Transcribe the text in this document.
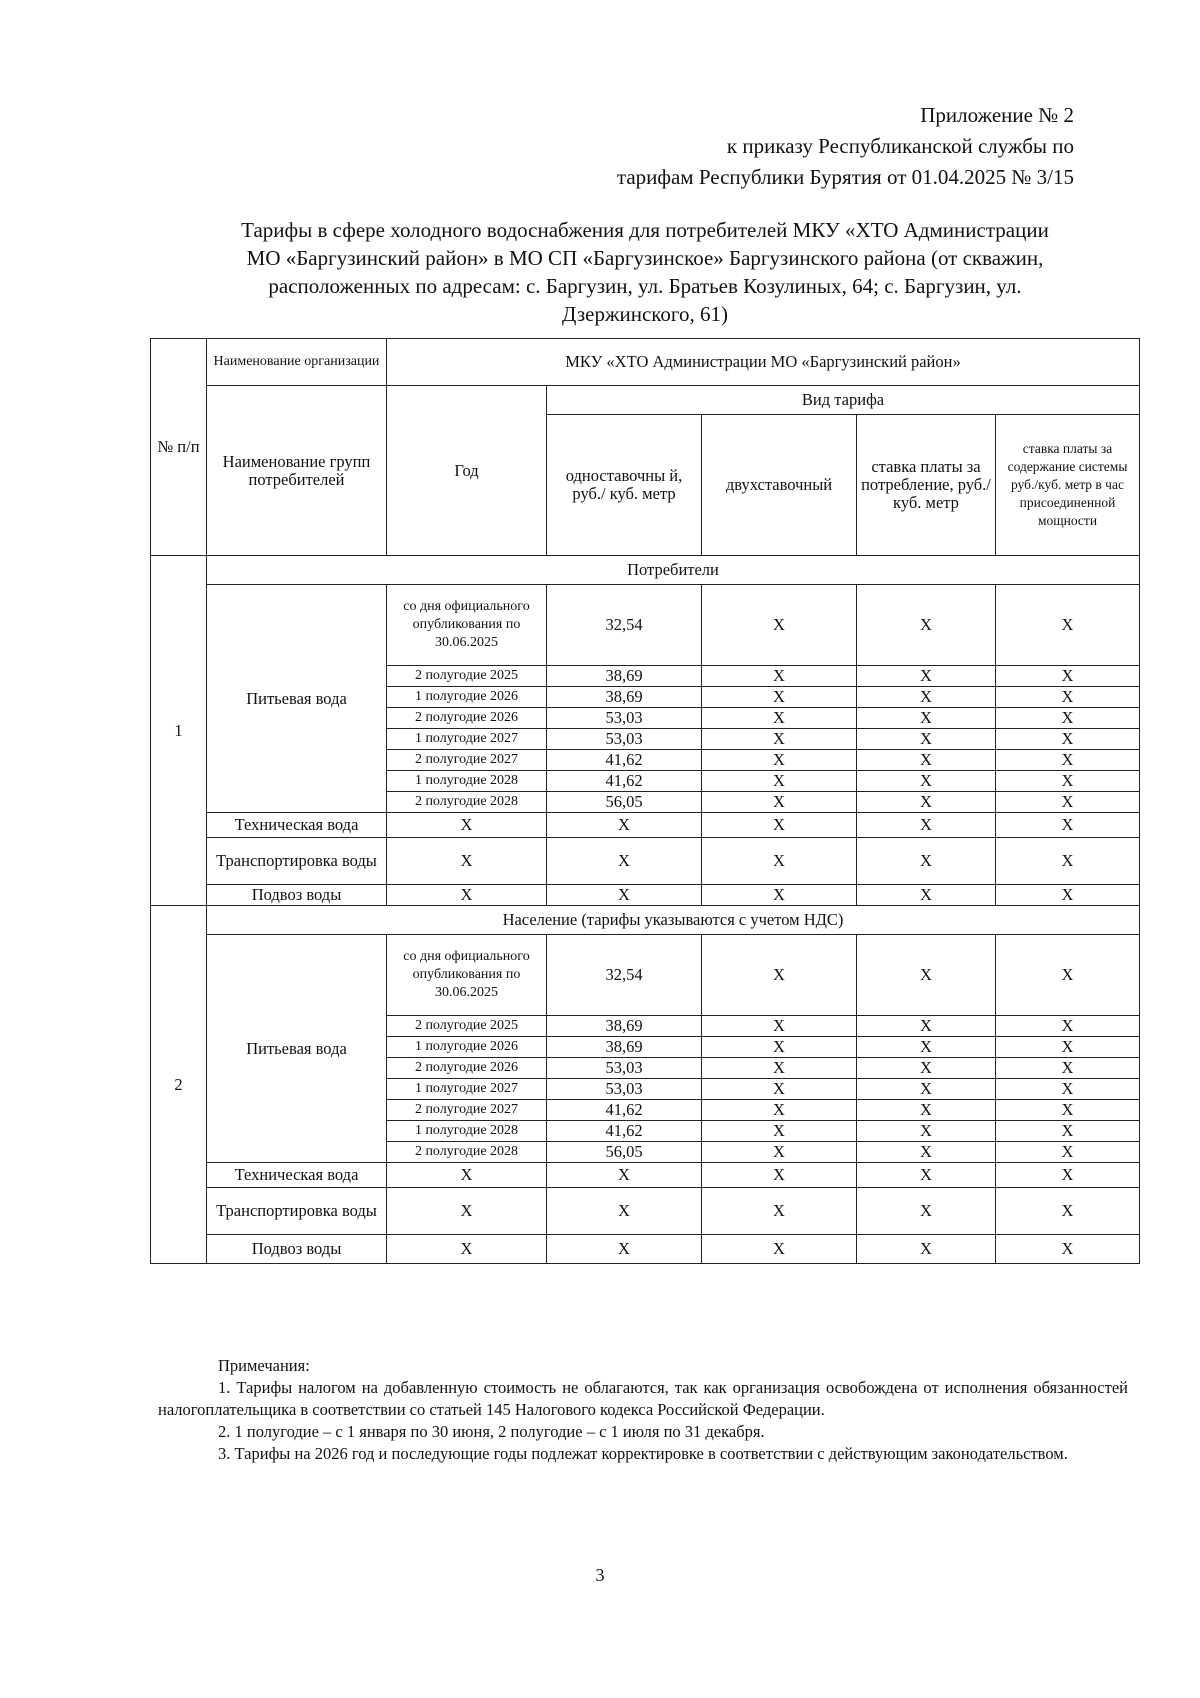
Приложение № 2
к приказу Республиканской службы по
тарифам Республики Бурятия от 01.04.2025 № 3/15
Тарифы в сфере холодного водоснабжения для потребителей МКУ «ХТО Администрации
МО «Баргузинский район» в МО СП «Баргузинское» Баргузинского района (от скважин,
расположенных по адресам: с. Баргузин, ул. Братьев Козулиных, 64; с. Баргузин, ул.
Дзержинского, 61)
№ п/п	Наименование организации	МКУ «ХТО Администрации МО «Баргузинский район»				
	Наименование групп потребителей	Год	Вид тарифа			
			одноставочны й, руб./ куб. метр	двухставочный	ставка платы за потребление, руб./ куб. метр	ставка платы за содержание системы руб./куб. метр в час присоединенной мощности
1	Потребители					
	Питьевая вода	со дня официального опубликования по 30.06.2025	32,54	Х	Х	Х
		2 полугодие 2025	38,69	Х	Х	Х
		1 полугодие 2026	38,69	Х	Х	Х
		2 полугодие 2026	53,03	Х	Х	Х
		1 полугодие 2027	53,03	Х	Х	Х
		2 полугодие 2027	41,62	Х	Х	Х
		1 полугодие 2028	41,62	Х	Х	Х
		2 полугодие 2028	56,05	Х	Х	Х
	Техническая вода	Х	Х	Х	Х	Х
	Транспортировка воды	Х	Х	Х	Х	Х
	Подвоз воды	Х	Х	Х	Х	Х
2	Население (тарифы указываются с учетом НДС)					
	Питьевая вода	со дня официального опубликования по 30.06.2025	32,54	Х	Х	Х
		2 полугодие 2025	38,69	Х	Х	Х
		1 полугодие 2026	38,69	Х	Х	Х
		2 полугодие 2026	53,03	Х	Х	Х
		1 полугодие 2027	53,03	Х	Х	Х
		2 полугодие 2027	41,62	Х	Х	Х
		1 полугодие 2028	41,62	Х	Х	Х
		2 полугодие 2028	56,05	Х	Х	Х
	Техническая вода	Х	Х	Х	Х	Х
	Транспортировка воды	Х	Х	Х	Х	Х
	Подвоз воды	Х	Х	Х	Х	Х

Примечания:

1. Тарифы налогом на добавленную стоимость не облагаются, так как организация освобождена от исполнения обязанностей налогоплательщика в соответствии со статьей 145 Налогового кодекса Российской Федерации.

2. 1 полугодие – с 1 января по 30 июня, 2 полугодие – с 1 июля по 31 декабря.

3. Тарифы на 2026 год и последующие годы подлежат корректировке в соответствии с действующим законодательством.

3
